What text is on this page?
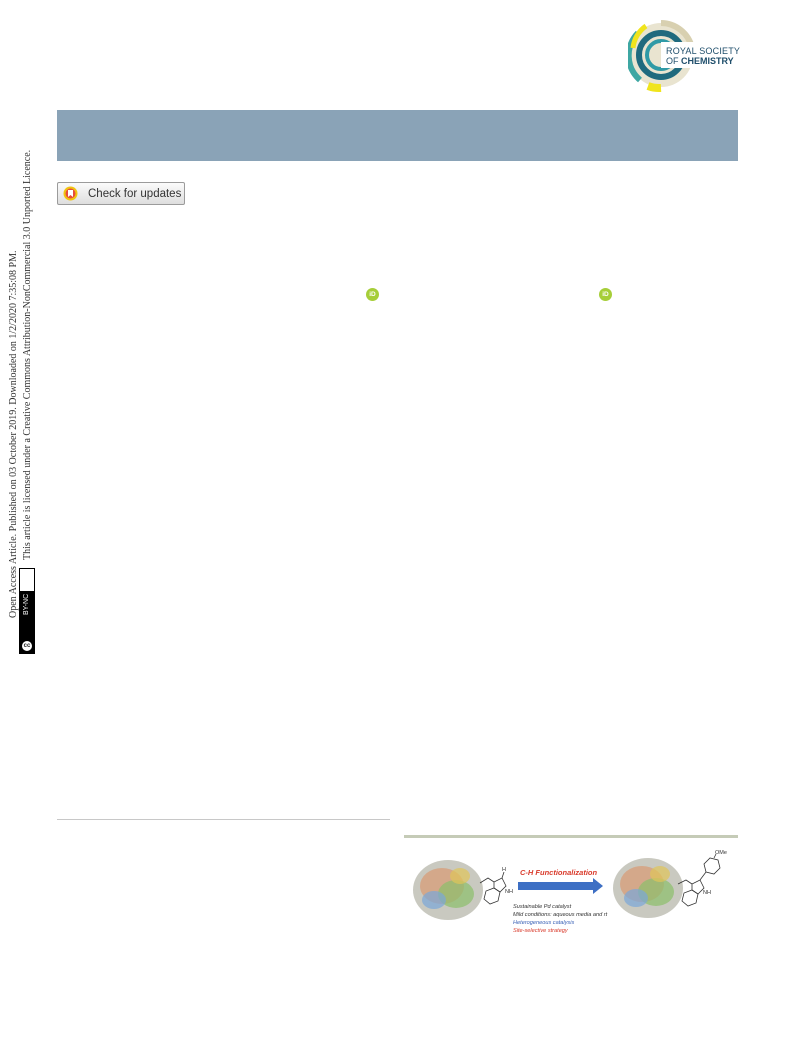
ROYAL SOCIETY
OF CHEMISTRY
Check for updates
iD	iD
Open Access Article. Published on 03 October 2019. Downloaded on 1/2/2020 7:35:08 PM. This article is licensed under a Creative Commons Attribution-NonCommercial 3.0 Unported Licence.
BY-NC
cc
H
NH
C-H Functionalization
OMe
NH
Sustainable Pd catalyst
Mild conditions: aqueous media and rt
Heterogeneous catalysis
Site-selective strategy
